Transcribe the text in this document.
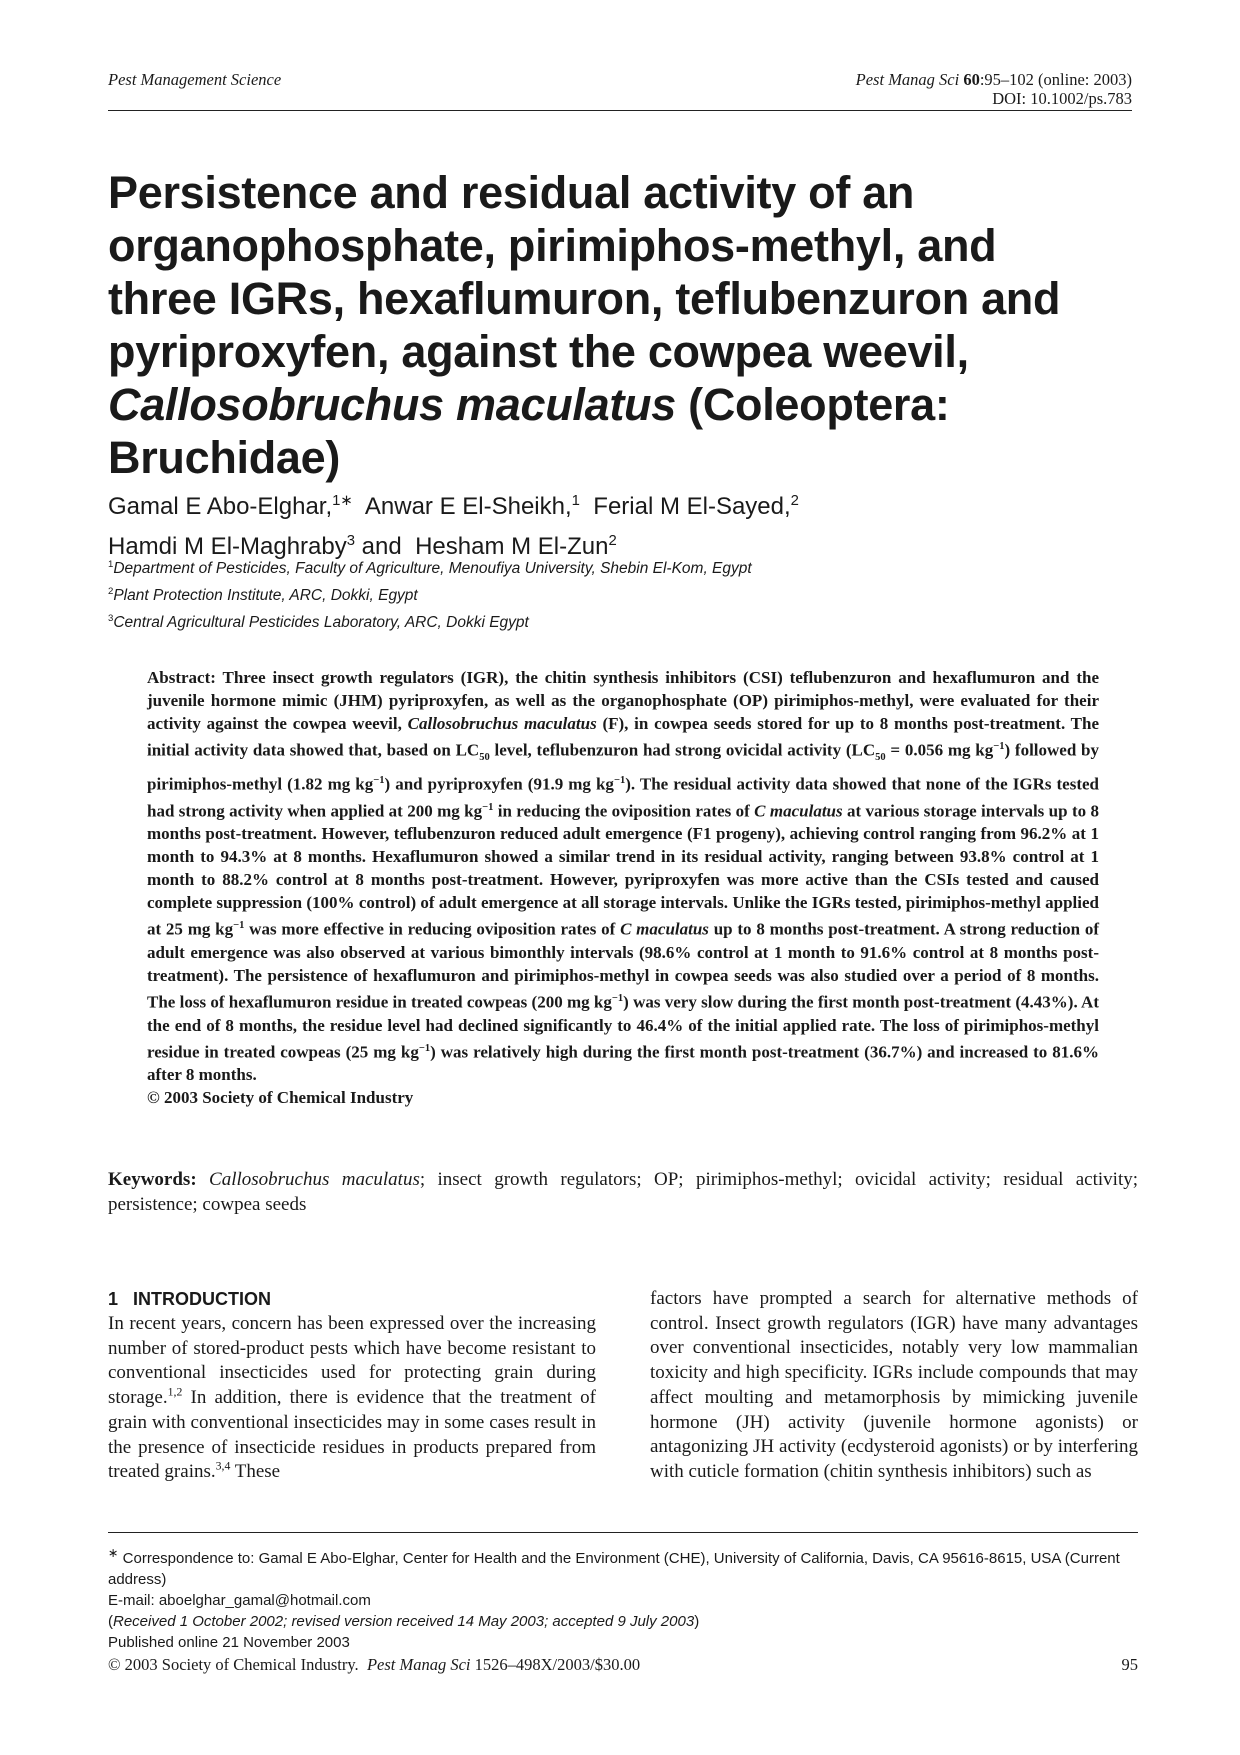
Pest Management Science	Pest Manag Sci 60:95–102 (online: 2003)
DOI: 10.1002/ps.783
Persistence and residual activity of an
organophosphate, pirimiphos-methyl, and
three IGRs, hexaflumuron, teflubenzuron and
pyriproxyfen, against the cowpea weevil,
Callosobruchus maculatus (Coleoptera:
Bruchidae)
Gamal E Abo-Elghar,$^{1∗}$ Anwar E El-Sheikh,$^1$ Ferial M El-Sayed,$^2$
Hamdi M El-Maghraby$^3$ and  Hesham M El-Zun$^2$
$^1$Department of Pesticides, Faculty of Agriculture, Menoufiya University, Shebin El-Kom, Egypt
$^2$Plant Protection Institute, ARC, Dokki, Egypt
$^3$Central Agricultural Pesticides Laboratory, ARC, Dokki Egypt
Abstract: Three insect growth regulators (IGR), the chitin synthesis inhibitors (CSI) teflubenzuron and hexaflumuron and the juvenile hormone mimic (JHM) pyriproxyfen, as well as the organophosphate (OP) pirimiphos-methyl, were evaluated for their activity against the cowpea weevil, Callosobruchus maculatus (F), in cowpea seeds stored for up to 8 months post-treatment. The initial activity data showed that, based on $LC_{50}$ level, teflubenzuron had strong ovicidal activity ($LC_{50} = 0.056$ mg $kg^{-1}$) followed by pirimiphos-methyl (1.82 mg $kg^{-1}$) and pyriproxyfen (91.9 mg $kg^{-1}$). The residual activity data showed that none of the IGRs tested had strong activity when applied at 200 mg $kg^{-1}$ in reducing the oviposition rates of C maculatus at various storage intervals up to 8 months post-treatment. However, teflubenzuron reduced adult emergence (F1 progeny), achieving control ranging from 96.2% at 1 month to 94.3% at 8 months. Hexaflumuron showed a similar trend in its residual activity, ranging between 93.8% control at 1 month to 88.2% control at 8 months post-treatment. However, pyriproxyfen was more active than the CSIs tested and caused complete suppression (100% control) of adult emergence at all storage intervals. Unlike the IGRs tested, pirimiphos-methyl applied at 25 mg $kg^{-1}$ was more effective in reducing oviposition rates of C maculatus up to 8 months post-treatment. A strong reduction of adult emergence was also observed at various bimonthly intervals (98.6% control at 1 month to 91.6% control at 8 months post-treatment). The persistence of hexaflumuron and pirimiphos-methyl in cowpea seeds was also studied over a period of 8 months. The loss of hexaflumuron residue in treated cowpeas (200 mg $kg^{-1}$) was very slow during the first month post-treatment (4.43%). At the end of 8 months, the residue level had declined significantly to 46.4% of the initial applied rate. The loss of pirimiphos-methyl residue in treated cowpeas (25 mg $kg^{-1}$) was relatively high during the first month post-treatment (36.7%) and increased to 81.6% after 8 months.

© 2003 Society of Chemical Industry

Keywords: Callosobruchus maculatus; insect growth regulators; OP; pirimiphos-methyl; ovicidal activity; residual activity; persistence; cowpea seeds
1   INTRODUCTION

In recent years, concern has been expressed over the increasing number of stored-product pests which have become resistant to conventional insecticides used for protecting grain during storage.$^{1,2}$ In addition, there is evidence that the treatment of grain with conventional insecticides may in some cases result in the presence of insecticide residues in products prepared from treated grains.$^{3,4}$ These

factors have prompted a search for alternative methods of control. Insect growth regulators (IGR) have many advantages over conventional insecticides, notably very low mammalian toxicity and high specificity. IGRs include compounds that may affect moulting and metamorphosis by mimicking juvenile hormone (JH) activity (juvenile hormone agonists) or antagonizing JH activity (ecdysteroid agonists) or by interfering with cuticle formation (chitin synthesis inhibitors) such as

∗ Correspondence to: Gamal E Abo-Elghar, Center for Health and the Environment (CHE), University of California, Davis, CA 95616-8615, USA (Current address)

E-mail: aboelghar_gamal@hotmail.com

(Received 1 October 2002; revised version received 14 May 2003; accepted 9 July 2003)

Published online 21 November 2003

© 2003 Society of Chemical Industry. Pest Manag Sci 1526–498X/2003/$30.00	95
